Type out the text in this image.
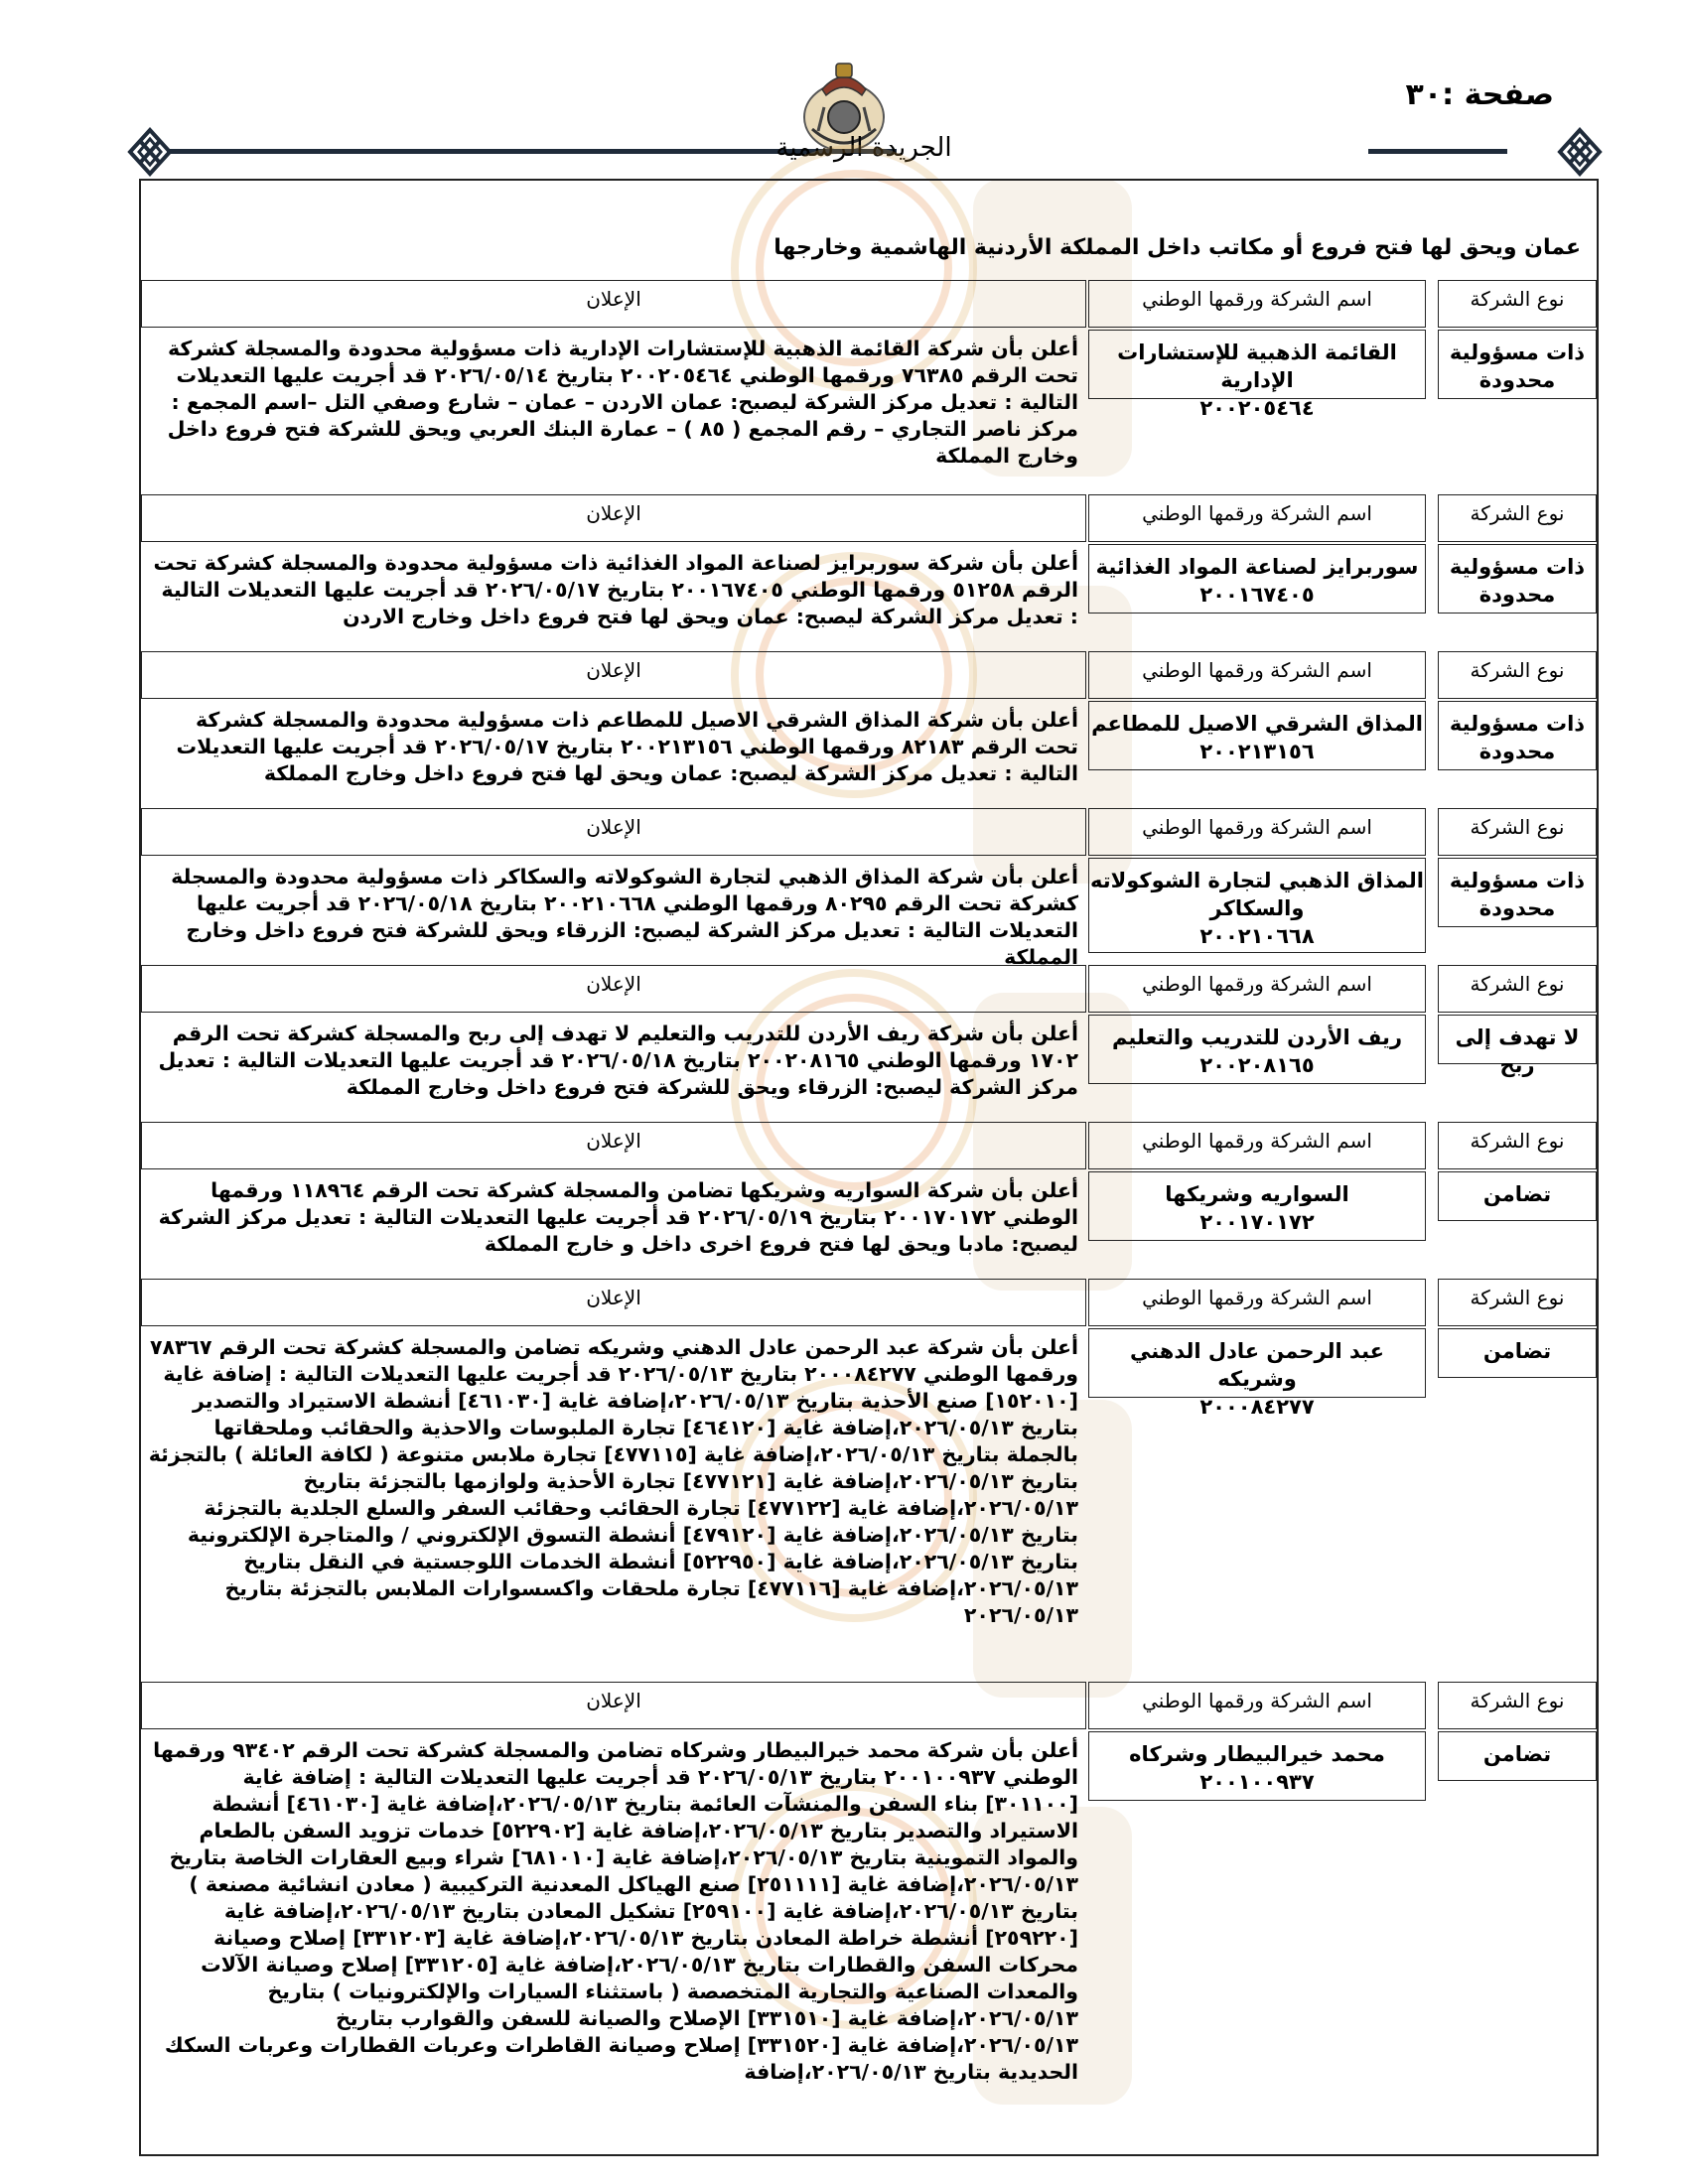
صفحة :٣٠
الجريدة الرسمية
عمان ويحق لها فتح فروع أو مكاتب داخل المملكة الأردنية الهاشمية وخارجها
نوع الشركة
اسم الشركة ورقمها الوطني
الإعلان
ذات مسؤولية محدودة
القائمة الذهبية للإستشارات الإدارية
٢٠٠٢٠٥٤٦٤
أعلن بأن شركة القائمة الذهبية للإستشارات الإدارية ذات مسؤولية محدودة والمسجلة كشركة تحت الرقم ٧٦٣٨٥ ورقمها الوطني ٢٠٠٢٠٥٤٦٤ بتاريخ ٢٠٢٦/٠٥/١٤ قد أجريت عليها التعديلات التالية : تعديل مركز الشركة ليصبح: عمان الاردن – عمان – شارع وصفي التل –اسم المجمع : مركز ناصر التجاري – رقم المجمع ( ٨٥ ) – عمارة البنك العربي ويحق للشركة فتح فروع داخل وخارج المملكة
نوع الشركة
اسم الشركة ورقمها الوطني
الإعلان
ذات مسؤولية محدودة
سوربرايز لصناعة المواد الغذائية
٢٠٠١٦٧٤٠٥
أعلن بأن شركة سوربرايز لصناعة المواد الغذائية ذات مسؤولية محدودة والمسجلة كشركة تحت الرقم ٥١٢٥٨ ورقمها الوطني ٢٠٠١٦٧٤٠٥ بتاريخ ٢٠٢٦/٠٥/١٧ قد أجريت عليها التعديلات التالية : تعديل مركز الشركة ليصبح: عمان ويحق لها فتح فروع داخل وخارج الاردن
نوع الشركة
اسم الشركة ورقمها الوطني
الإعلان
ذات مسؤولية محدودة
المذاق الشرقي الاصيل للمطاعم
٢٠٠٢١٣١٥٦
أعلن بأن شركة المذاق الشرقي الاصيل للمطاعم ذات مسؤولية محدودة والمسجلة كشركة تحت الرقم ٨٢١٨٣ ورقمها الوطني ٢٠٠٢١٣١٥٦ بتاريخ ٢٠٢٦/٠٥/١٧ قد أجريت عليها التعديلات التالية : تعديل مركز الشركة ليصبح: عمان ويحق لها فتح فروع داخل وخارج المملكة
نوع الشركة
اسم الشركة ورقمها الوطني
الإعلان
ذات مسؤولية محدودة
المذاق الذهبي لتجارة الشوكولاته والسكاكر
٢٠٠٢١٠٦٦٨
أعلن بأن شركة المذاق الذهبي لتجارة الشوكولاته والسكاكر ذات مسؤولية محدودة والمسجلة كشركة تحت الرقم ٨٠٢٩٥ ورقمها الوطني ٢٠٠٢١٠٦٦٨ بتاريخ ٢٠٢٦/٠٥/١٨ قد أجريت عليها التعديلات التالية : تعديل مركز الشركة ليصبح: الزرقاء ويحق للشركة فتح فروع داخل وخارج المملكة
نوع الشركة
اسم الشركة ورقمها الوطني
الإعلان
لا تهدف إلى ربح
ريف الأردن للتدريب والتعليم
٢٠٠٢٠٨١٦٥
أعلن بأن شركة ريف الأردن للتدريب والتعليم لا تهدف إلى ربح والمسجلة كشركة تحت الرقم ١٧٠٢ ورقمها الوطني ٢٠٠٢٠٨١٦٥ بتاريخ ٢٠٢٦/٠٥/١٨ قد أجريت عليها التعديلات التالية : تعديل مركز الشركة ليصبح: الزرقاء ويحق للشركة فتح فروع داخل وخارج المملكة
نوع الشركة
اسم الشركة ورقمها الوطني
الإعلان
تضامن
السواريه وشريكها
٢٠٠١٧٠١٧٢
أعلن بأن شركة السواريه وشريكها تضامن والمسجلة كشركة تحت الرقم ١١٨٩٦٤ ورقمها الوطني ٢٠٠١٧٠١٧٢ بتاريخ ٢٠٢٦/٠٥/١٩ قد أجريت عليها التعديلات التالية : تعديل مركز الشركة ليصبح: مادبا ويحق لها فتح فروع اخرى داخل و خارج المملكة
نوع الشركة
اسم الشركة ورقمها الوطني
الإعلان
تضامن
عبد الرحمن عادل الدهني وشريكه
٢٠٠٠٨٤٢٧٧
أعلن بأن شركة عبد الرحمن عادل الدهني وشريكه تضامن والمسجلة كشركة تحت الرقم ٧٨٣٦٧ ورقمها الوطني ٢٠٠٠٨٤٢٧٧ بتاريخ ٢٠٢٦/٠٥/١٣ قد أجريت عليها التعديلات التالية : إضافة غاية [١٥٢٠١٠] صنع الأحذية بتاريخ ٢٠٢٦/٠٥/١٣،إضافة غاية [٤٦١٠٣٠] أنشطة الاستيراد والتصدير بتاريخ ٢٠٢٦/٠٥/١٣،إضافة غاية [٤٦٤١٢٠] تجارة الملبوسات والاحذية والحقائب وملحقاتها بالجملة بتاريخ ٢٠٢٦/٠٥/١٣،إضافة غاية [٤٧٧١١٥] تجارة ملابس متنوعة ( لكافة العائلة ) بالتجزئة بتاريخ ٢٠٢٦/٠٥/١٣،إضافة غاية [٤٧٧١٢١] تجارة الأحذية ولوازمها بالتجزئة بتاريخ ٢٠٢٦/٠٥/١٣،إضافة غاية [٤٧٧١٢٢] تجارة الحقائب وحقائب السفر والسلع الجلدية بالتجزئة بتاريخ ٢٠٢٦/٠٥/١٣،إضافة غاية [٤٧٩١٢٠] أنشطة التسوق الإلكتروني / والمتاجرة الإلكترونية بتاريخ ٢٠٢٦/٠٥/١٣،إضافة غاية [٥٢٢٩٥٠] أنشطة الخدمات اللوجستية في النقل بتاريخ ٢٠٢٦/٠٥/١٣،إضافة غاية [٤٧٧١١٦] تجارة ملحقات واكسسوارات الملابس بالتجزئة بتاريخ ٢٠٢٦/٠٥/١٣
نوع الشركة
اسم الشركة ورقمها الوطني
الإعلان
تضامن
محمد خيرالبيطار وشركاه
٢٠٠١٠٠٩٣٧
أعلن بأن شركة محمد خيرالبيطار وشركاه تضامن والمسجلة كشركة تحت الرقم ٩٣٤٠٢ ورقمها الوطني ٢٠٠١٠٠٩٣٧ بتاريخ ٢٠٢٦/٠٥/١٣ قد أجريت عليها التعديلات التالية : إضافة غاية [٣٠١١٠٠] بناء السفن والمنشآت العائمة بتاريخ ٢٠٢٦/٠٥/١٣،إضافة غاية [٤٦١٠٣٠] أنشطة الاستيراد والتصدير بتاريخ ٢٠٢٦/٠٥/١٣،إضافة غاية [٥٢٢٩٠٢] خدمات تزويد السفن بالطعام والمواد التموينية بتاريخ ٢٠٢٦/٠٥/١٣،إضافة غاية [٦٨١٠١٠] شراء وبيع العقارات الخاصة بتاريخ ٢٠٢٦/٠٥/١٣،إضافة غاية [٢٥١١١١] صنع الهياكل المعدنية التركيبية ( معادن انشائية مصنعة ) بتاريخ ٢٠٢٦/٠٥/١٣،إضافة غاية [٢٥٩١٠٠] تشكيل المعادن بتاريخ ٢٠٢٦/٠٥/١٣،إضافة غاية [٢٥٩٢٢٠] أنشطة خراطة المعادن بتاريخ ٢٠٢٦/٠٥/١٣،إضافة غاية [٣٣١٢٠٣] إصلاح وصيانة محركات السفن والقطارات بتاريخ ٢٠٢٦/٠٥/١٣،إضافة غاية [٣٣١٢٠٥] إصلاح وصيانة الآلات والمعدات الصناعية والتجارية المتخصصة ( باستثناء السيارات والإلكترونيات ) بتاريخ ٢٠٢٦/٠٥/١٣،إضافة غاية [٣٣١٥١٠] الإصلاح والصيانة للسفن والقوارب بتاريخ ٢٠٢٦/٠٥/١٣،إضافة غاية [٣٣١٥٢٠] إصلاح وصيانة القاطرات وعربات القطارات وعربات السكك الحديدية بتاريخ ٢٠٢٦/٠٥/١٣،إضافة
